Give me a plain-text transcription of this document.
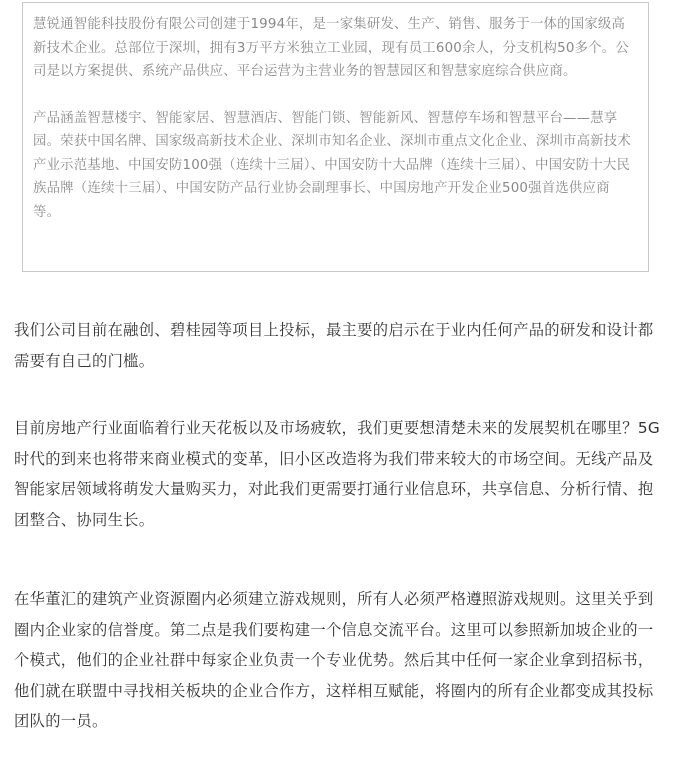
慧锐通智能科技股份有限公司创建于1994年，是一家集研发、生产、销售、服务于一体的国家级高新技术企业。总部位于深圳，拥有3万平方米独立工业园，现有员工600余人，分支机构50多个。公司是以方案提供、系统产品供应、平台运营为主营业务的智慧园区和智慧家庭综合供应商。

产品涵盖智慧楼宇、智能家居、智慧酒店、智能门锁、智能新风、智慧停车场和智慧平台——慧享园。荣获中国名牌、国家级高新技术企业、深圳市知名企业、深圳市重点文化企业、深圳市高新技术产业示范基地、中国安防100强（连续十三届）、中国安防十大品牌（连续十三届）、中国安防十大民族品牌（连续十三届）、中国安防产品行业协会副理事长、中国房地产开发企业500强首选供应商等。

我们公司目前在融创、碧桂园等项目上投标，最主要的启示在于业内任何产品的研发和设计都需要有自己的门槛。

目前房地产行业面临着行业天花板以及市场疲软，我们更要想清楚未来的发展契机在哪里？5G时代的到来也将带来商业模式的变革，旧小区改造将为我们带来较大的市场空间。无线产品及智能家居领域将萌发大量购买力，对此我们更需要打通行业信息环，共享信息、分析行情、抱团整合、协同生长。

在华董汇的建筑产业资源圈内必须建立游戏规则，所有人必须严格遵照游戏规则。这里关乎到圈内企业家的信誉度。第二点是我们要构建一个信息交流平台。这里可以参照新加坡企业的一个模式，他们的企业社群中每家企业负责一个专业优势。然后其中任何一家企业拿到招标书，他们就在联盟中寻找相关板块的企业合作方，这样相互赋能，将圈内的所有企业都变成其投标团队的一员。
